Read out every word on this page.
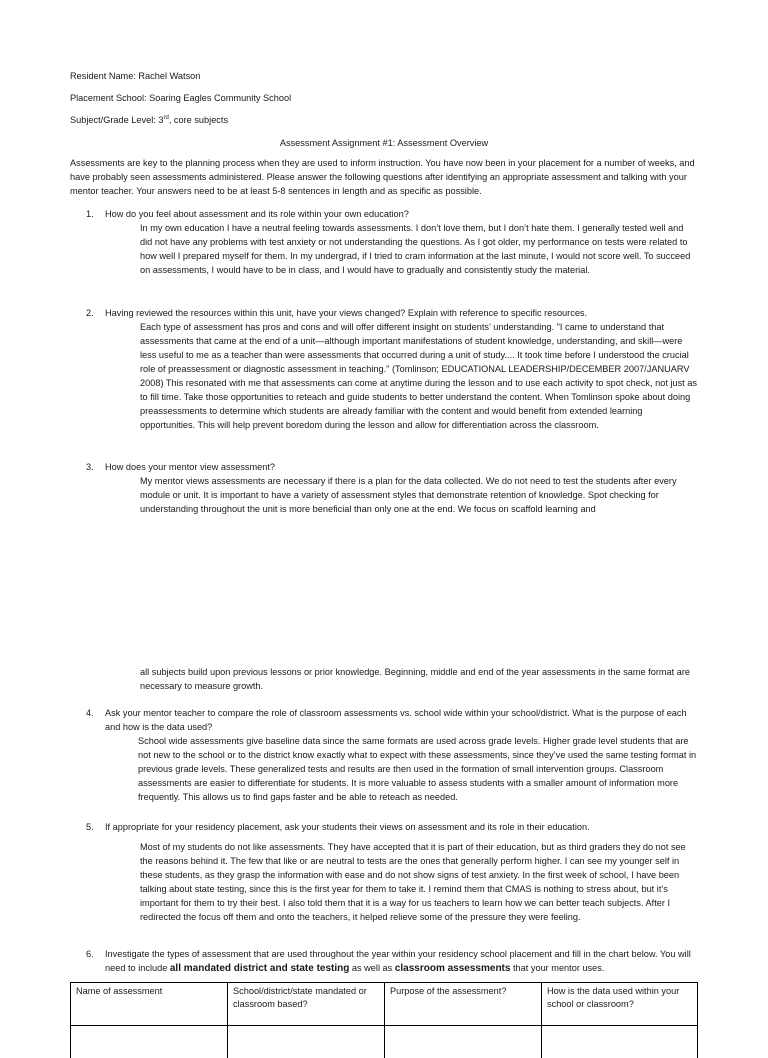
Resident Name: Rachel Watson
Placement School: Soaring Eagles Community School
Subject/Grade Level: 3rd, core subjects
Assessment Assignment #1: Assessment Overview
Assessments are key to the planning process when they are used to inform instruction. You have now been in your placement for a number of weeks, and have probably seen assessments administered. Please answer the following questions after identifying an appropriate assessment and talking with your mentor teacher. Your answers need to be at least 5-8 sentences in length and as specific as possible.
1.	How do you feel about assessment and its role within your own education?
In my own education I have a neutral feeling towards assessments. I don’t love them, but I don’t hate them. I generally tested well and did not have any problems with test anxiety or not understanding the questions. As I got older, my performance on tests were related to how well I prepared myself for them. In my undergrad, if I tried to cram information at the last minute, I would not score well. To succeed on assessments, I would have to be in class, and I would have to gradually and consistently study the material.
2.	Having reviewed the resources within this unit, have your views changed? Explain with reference to specific resources.
Each type of assessment has pros and cons and will offer different insight on students’ understanding. "I came to understand that assessments that came at the end of a unit—although important manifestations of student knowledge, understanding, and skill—were less useful to me as a teacher than were assessments that occurred during a unit of study.... It took time before I understood the crucial role of preassessment or diagnostic assessment in teaching." (Tomlinson; EDUCATIONAL LEADERSHIP/DECEMBER 2007/JANUARV 2008) This resonated with me that assessments can come at anytime during the lesson and to use each activity to spot check, not just as to fill time. Take those opportunities to reteach and guide students to better understand the content. When Tomlinson spoke about doing preassessments to determine which students are already familiar with the content and would benefit from extended learning opportunities. This will help prevent boredom during the lesson and allow for differentiation across the classroom.
3.	How does your mentor view assessment?
My mentor views assessments are necessary if there is a plan for the data collected. We do not need to test the students after every module or unit. It is important to have a variety of assessment styles that demonstrate retention of knowledge. Spot checking for understanding throughout the unit is more beneficial than only one at the end. We focus on scaffold learning and
all subjects build upon previous lessons or prior knowledge. Beginning, middle and end of the year assessments in the same format are necessary to measure growth.
4.	Ask your mentor teacher to compare the role of classroom assessments vs. school wide within your school/district. What is the purpose of each and how is the data used?
School wide assessments give baseline data since the same formats are used across grade levels. Higher grade level students that are not new to the school or to the district know exactly what to expect with these assessments, since they’ve used the same testing format in previous grade levels. These generalized tests and results are then used in the formation of small intervention groups. Classroom assessments are easier to differentiate for students. It is more valuable to assess students with a smaller amount of information more frequently. This allows us to find gaps faster and be able to reteach as needed.
5.	If appropriate for your residency placement, ask your students their views on assessment and its role in their education.
Most of my students do not like assessments. They have accepted that it is part of their education, but as third graders they do not see the reasons behind it. The few that like or are neutral to tests are the ones that generally perform higher. I can see my younger self in these students, as they grasp the information with ease and do not show signs of test anxiety. In the first week of school, I have been talking about state testing, since this is the first year for them to take it. I remind them that CMAS is nothing to stress about, but it’s important for them to try their best. I also told them that it is a way for us teachers to learn how we can better teach subjects. After I redirected the focus off them and onto the teachers, it helped relieve some of the pressure they were feeling.
6.	Investigate the types of assessment that are used throughout the year within your residency school placement and fill in the chart below. You will need to include all mandated district and state testing as well as classroom assessments that your mentor uses.
Name of assessment	School/district/state mandated or classroom based?	Purpose of the assessment?	How is the data used within your school or classroom?
